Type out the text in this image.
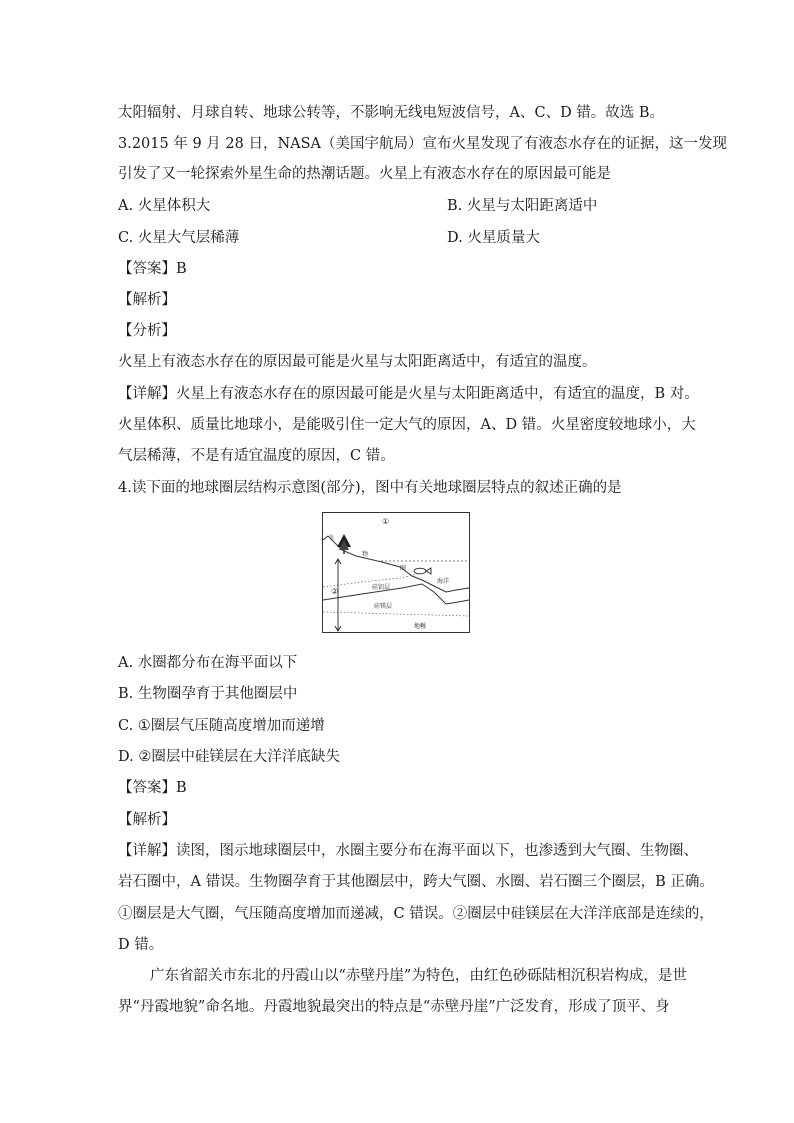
太阳辐射、月球自转、地球公转等，不影响无线电短波信号，A、C、D 错。故选 B。
3.2015 年 9 月 28 日，NASA（美国宇航局）宣布火星发现了有液态水存在的证据，这一发现
引发了又一轮探索外星生命的热潮话题。火星上有液态水存在的原因最可能是
A. 火星体积大	B. 火星与太阳距离适中
C. 火星大气层稀薄	D. 火星质量大
【答案】B
【解析】
【分析】
火星上有液态水存在的原因最可能是火星与太阳距离适中，有适宜的温度。
【详解】火星上有液态水存在的原因最可能是火星与太阳距离适中，有适宜的温度，B 对。
火星体积、质量比地球小，是能吸引住一定大气的原因，A、D 错。火星密度较地球小，大
气层稀薄，不是有适宜温度的原因，C 错。
4.读下面的地球圈层结构示意图(部分)，图中有关地球圈层特点的叙述正确的是
①
生
物
圈
②	硅铝层
海洋
硅镁层
地幔
A. 水圈都分布在海平面以下
B. 生物圈孕育于其他圈层中
C. ①圈层气压随高度增加而递增
D. ②圈层中硅镁层在大洋洋底缺失
【答案】B
【解析】
【详解】读图，图示地球圈层中，水圈主要分布在海平面以下，也渗透到大气圈、生物圈、
岩石圈中，A 错误。生物圈孕育于其他圈层中，跨大气圈、水圈、岩石圈三个圈层，B 正确。
①圈层是大气圈，气压随高度增加而递减，C 错误。②圈层中硅镁层在大洋洋底部是连续的，
D 错。
广东省韶关市东北的丹霞山以“赤壁丹崖”为特色，由红色砂砾陆相沉积岩构成，是世
界“丹霞地貌”命名地。丹霞地貌最突出的特点是“赤壁丹崖”广泛发育，形成了顶平、身
